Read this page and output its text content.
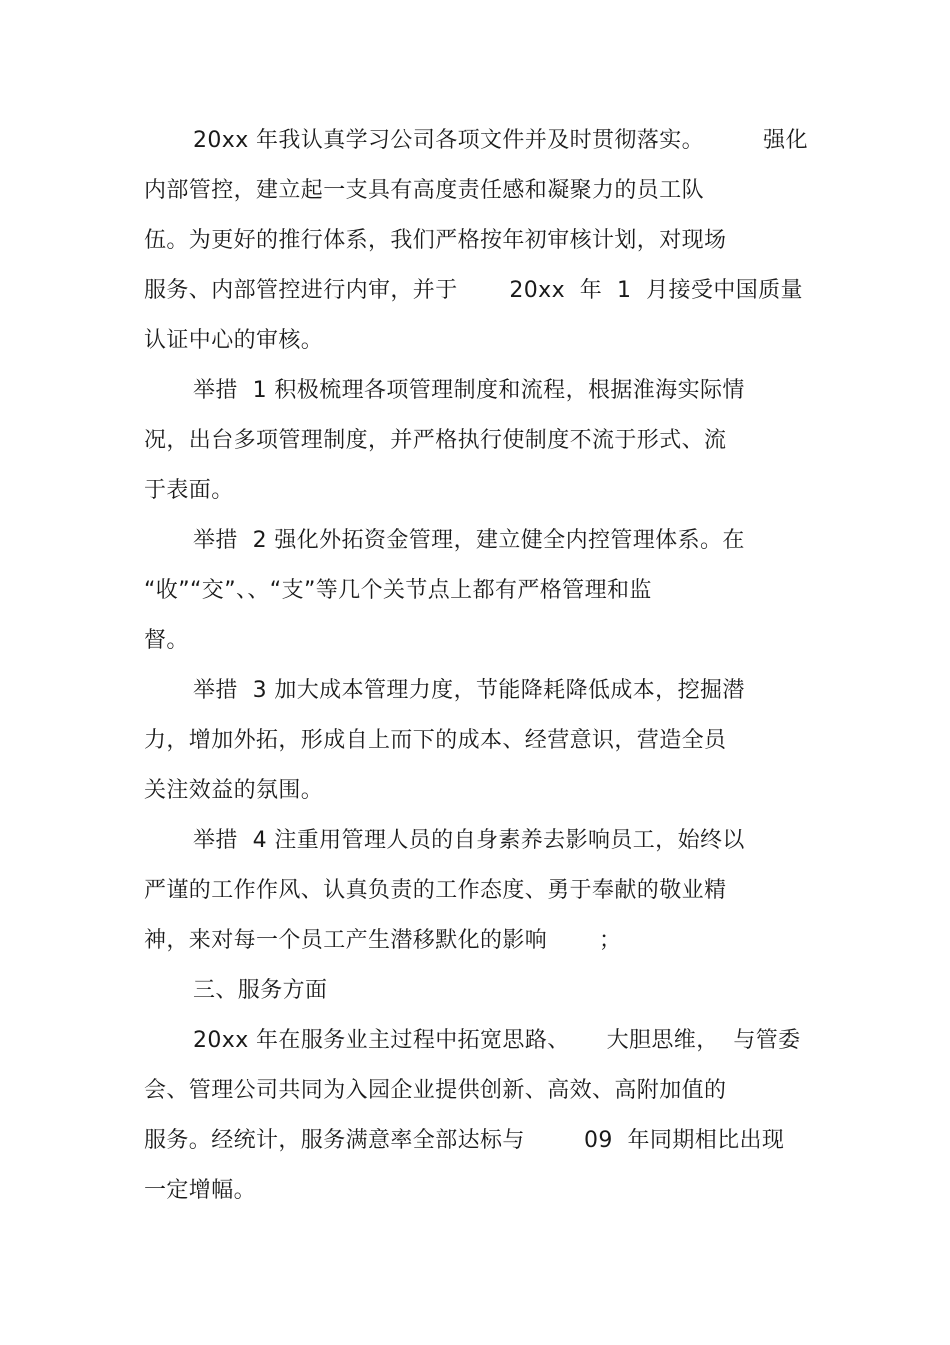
20xx 年我认真学习公司各项文件并及时贯彻落实。        强化
内部管控，建立起一支具有高度责任感和凝聚力的员工队
伍。为更好的推行体系，我们严格按年初审核计划，对现场
服务、内部管控进行内审，并于       20xx  年  1  月接受中国质量
认证中心的审核。
举措  1 积极梳理各项管理制度和流程，根据淮海实际情
况，出台多项管理制度，并严格执行使制度不流于形式、流
于表面。
举措  2 强化外拓资金管理，建立健全内控管理体系。在
“收”“交”、、“支”等几个关节点上都有严格管理和监
督。
举措  3 加大成本管理力度，节能降耗降低成本，挖掘潜
力，增加外拓，形成自上而下的成本、经营意识，营造全员
关注效益的氛围。
举措  4 注重用管理人员的自身素养去影响员工，始终以
严谨的工作作风、认真负责的工作态度、勇于奉献的敬业精
神，来对每一个员工产生潜移默化的影响       ；
三、服务方面
20xx 年在服务业主过程中拓宽思路、     大胆思维，  与管委
会、管理公司共同为入园企业提供创新、高效、高附加值的
服务。经统计，服务满意率全部达标与        09  年同期相比出现
一定增幅。
